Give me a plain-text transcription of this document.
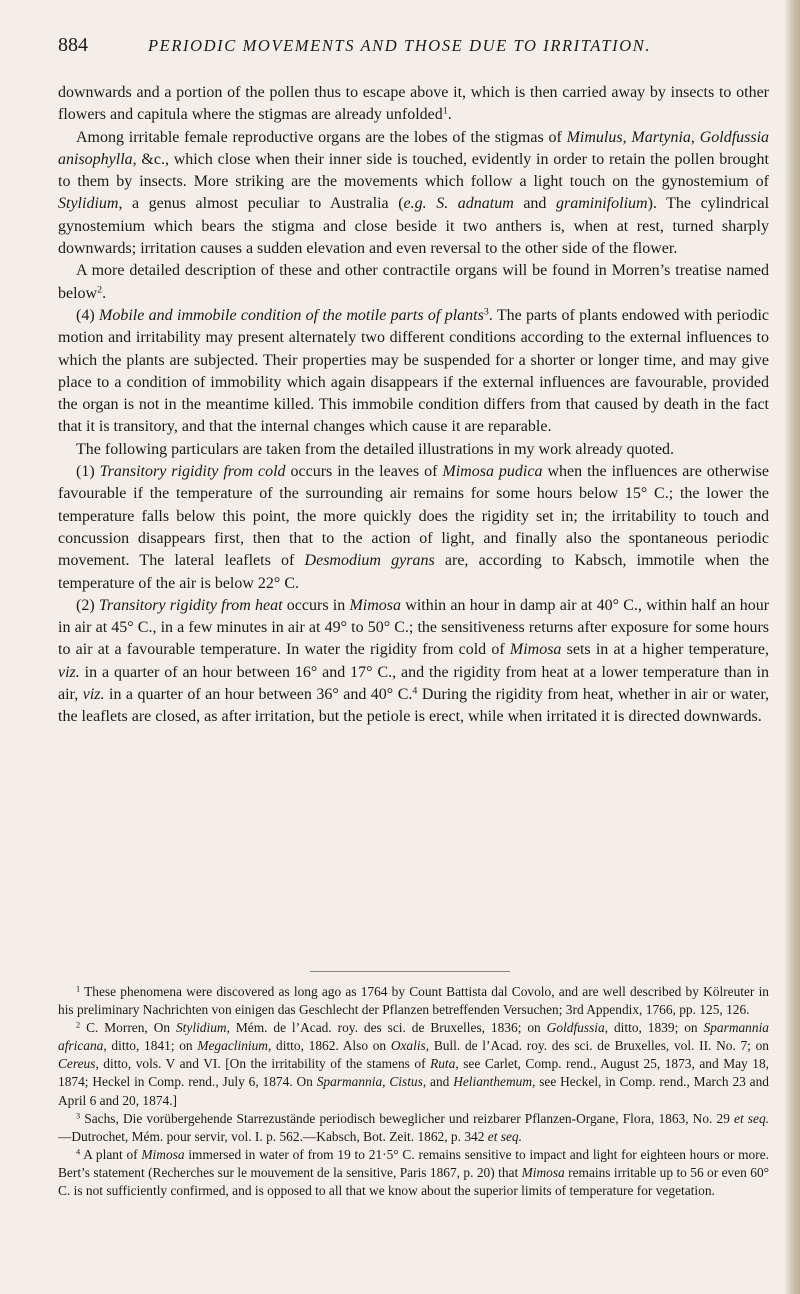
884	PERIODIC MOVEMENTS AND THOSE DUE TO IRRITATION.

downwards and a portion of the pollen thus to escape above it, which is then carried away by insects to other flowers and capitula where the stigmas are already unfolded$^1$.

Among irritable female reproductive organs are the lobes of the stigmas of Mimulus, Martynia, Goldfussia anisophylla, &c., which close when their inner side is touched, evidently in order to retain the pollen brought to them by insects. More striking are the movements which follow a light touch on the gynostemium of Stylidium, a genus almost peculiar to Australia (e.g. S. adnatum and graminifolium). The cylindrical gynostemium which bears the stigma and close beside it two anthers is, when at rest, turned sharply downwards; irritation causes a sudden elevation and even reversal to the other side of the flower.

A more detailed description of these and other contractile organs will be found in Morren’s treatise named below$^2$.

(4) Mobile and immobile condition of the motile parts of plants$^3$. The parts of plants endowed with periodic motion and irritability may present alternately two different conditions according to the external influences to which the plants are subjected. Their properties may be suspended for a shorter or longer time, and may give place to a condition of immobility which again disappears if the external influences are favourable, provided the organ is not in the meantime killed. This immobile condition differs from that caused by death in the fact that it is transitory, and that the internal changes which cause it are reparable.

The following particulars are taken from the detailed illustrations in my work already quoted.

(1) Transitory rigidity from cold occurs in the leaves of Mimosa pudica when the influences are otherwise favourable if the temperature of the surrounding air remains for some hours below 15° C.; the lower the temperature falls below this point, the more quickly does the rigidity set in; the irritability to touch and concussion disappears first, then that to the action of light, and finally also the spontaneous periodic movement. The lateral leaflets of Desmodium gyrans are, according to Kabsch, immotile when the temperature of the air is below 22° C.

(2) Transitory rigidity from heat occurs in Mimosa within an hour in damp air at 40° C., within half an hour in air at 45° C., in a few minutes in air at 49° to 50° C.; the sensitiveness returns after exposure for some hours to air at a favourable temperature. In water the rigidity from cold of Mimosa sets in at a higher temperature, viz. in a quarter of an hour between 16° and 17° C., and the rigidity from heat at a lower temperature than in air, viz. in a quarter of an hour between 36° and 40° C.$^4$ During the rigidity from heat, whether in air or water, the leaflets are closed, as after irritation, but the petiole is erect, while when irritated it is directed downwards.

$^1$ These phenomena were discovered as long ago as 1764 by Count Battista dal Covolo, and are well described by Kölreuter in his preliminary Nachrichten von einigen das Geschlecht der Pflanzen betreffenden Versuchen; 3rd Appendix, 1766, pp. 125, 126.

$^2$ C. Morren, On Stylidium, Mém. de l’Acad. roy. des sci. de Bruxelles, 1836; on Goldfussia, ditto, 1839; on Sparmannia africana, ditto, 1841; on Megaclinium, ditto, 1862. Also on Oxalis, Bull. de l’Acad. roy. des sci. de Bruxelles, vol. II. No. 7; on Cereus, ditto, vols. V and VI. [On the irritability of the stamens of Ruta, see Carlet, Comp. rend., August 25, 1873, and May 18, 1874; Heckel in Comp. rend., July 6, 1874. On Sparmannia, Cistus, and Helianthemum, see Heckel, in Comp. rend., March 23 and April 6 and 20, 1874.]

$^3$ Sachs, Die vorübergehende Starrezustände periodisch beweglicher und reizbarer Pflanzen-Organe, Flora, 1863, No. 29 et seq.—Dutrochet, Mém. pour servir, vol. I. p. 562.—Kabsch, Bot. Zeit. 1862, p. 342 et seq.

$^4$ A plant of Mimosa immersed in water of from 19 to 21·5° C. remains sensitive to impact and light for eighteen hours or more. Bert’s statement (Recherches sur le mouvement de la sensitive, Paris 1867, p. 20) that Mimosa remains irritable up to 56 or even 60° C. is not sufficiently confirmed, and is opposed to all that we know about the superior limits of temperature for vegetation.
